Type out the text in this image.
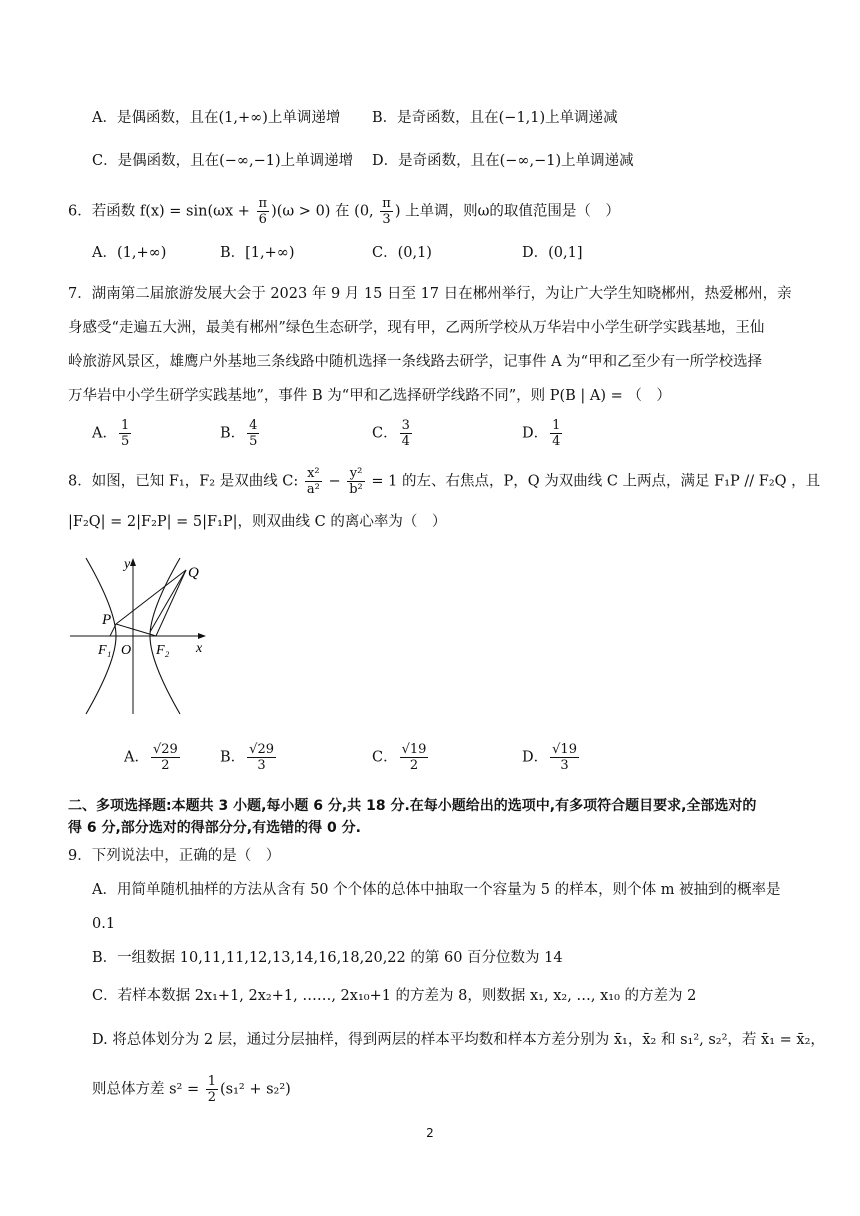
A．是偶函数，且在(1,+∞)上单调递增 B．是奇函数，且在(−1,1)上单调递减
C．是偶函数，且在(−∞,−1)上单调递增 D．是奇函数，且在(−∞,−1)上单调递减
6．若函数 $f(x) = \sin(\omega x + \frac{\pi}{6} )(\omega > 0)$ 在 (0, $\frac{\pi}{3}$ ) 上单调，则ω的取值范围是（　）
A．(1,+∞)	B．[1,+∞)	C．(0,1)	D．(0,1]
7．湖南第二届旅游发展大会于 2023 年 9 月 15 日至 17 日在郴州举行，为让广大学生知晓郴州，热爱郴州，亲
身感受“走遍五大洲，最美有郴州”绿色生态研学，现有甲，乙两所学校从万华岩中小学生研学实践基地，王仙
岭旅游风景区，雄鹰户外基地三条线路中随机选择一条线路去研学，记事件 A 为“甲和乙至少有一所学校选择
万华岩中小学生研学实践基地”，事件 B 为“甲和乙选择研学线路不同”，则 P(B | A) = （　）
A． $\frac{1}{5}$	B． $\frac{4}{5}$	C． $\frac{3}{4}$	D． $\frac{1}{4}$
8．如图，已知 F₁，F₂ 是双曲线 C: $\frac{\text{x²}}{\text{a²}} - \frac{\text{y²}}{\text{b²}} = 1$ 的左、右焦点，P，Q 为双曲线 C 上两点，满足 F₁P // F₂Q ，且
|F₂Q| = 2|F₂P| = 5|F₁P|，则双曲线 C 的离心率为（　）
y
x
Q
P
F₁ O F₂
A． $\frac{√29}{2}$	B． $\frac{√29}{3}$	C． $\frac{√19}{2}$	D． $\frac{√19}{3}$
二、多项选择题:本题共 3 小题,每小题 6 分,共 18 分.在每小题给出的选项中,有多项符合题目要求,全部选对的
得 6 分,部分选对的得部分分,有选错的得 0 分.
9．下列说法中，正确的是（　）
A．用简单随机抽样的方法从含有 50 个个体的总体中抽取一个容量为 5 的样本，则个体 m 被抽到的概率是
0.1
B．一组数据 10,11,11,12,13,14,16,18,20,22 的第 60 百分位数为 14
C．若样本数据 2x₁+1, 2x₂+1, ……, 2x₁₀+1 的方差为 8，则数据 x₁, x₂, …, x₁₀ 的方差为 2
D. 将总体划分为 2 层，通过分层抽样，得到两层的样本平均数和样本方差分别为 x̄₁，x̄₂ 和 s₁², s₂²，若 x̄₁ = x̄₂，
则总体方差 $s^2 = \frac{1}{2} (s_1^2 + s_2^2)$
2
